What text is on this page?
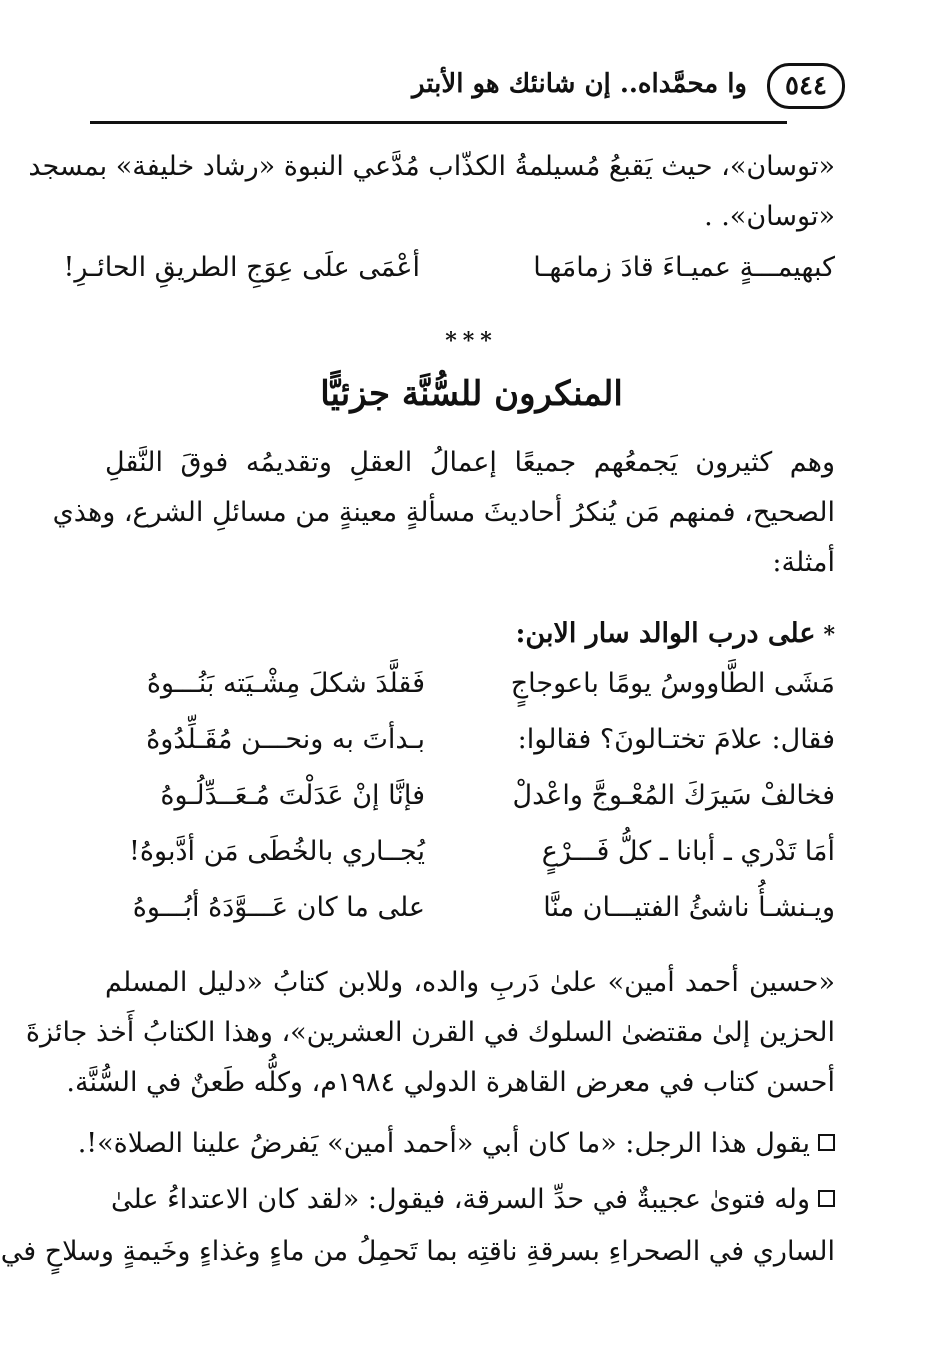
٥٤٤
وا محمَّداه.. إن شانئك هو الأبتر
«توسان»، حيث يَقبعُ مُسيلمةُ الكذّاب مُدَّعي النبوة «رشاد خليفة» بمسجد
«توسان». .
كبهيمـــةٍ عميـاءَ قادَ زمامَهـا
أعْمَى علَى عِوَجِ الطريقِ الحائـرِ!
***
المنكرون للسُّنَّة جزئيًّا
وهم كثيرون يَجمعُهم جميعًا إعمالُ العقلِ وتقديمُه فوقَ النَّقلِ
الصحيح، فمنهم مَن يُنكرُ أحاديثَ مسألةٍ معينةٍ من مسائلِ الشرع، وهذي
أمثلة:
*على درب الوالد سار الابن:
مَشَى الطَّاووسُ يومًا باعوجاجٍ
فَقلَّدَ شكلَ مِشْـيَته بَنُـــوهُ
فقال: علامَ تختـالونَ؟ فقالوا:
بـدأتَ به ونحـــن مُقَـلِّدُوهُ
فخالفْ سَيرَكَ المُعْـوجَّ واعْدلْ
فإنَّا إنْ عَدَلْتَ مُـعَــدِّلُـوهُ
أمَا تَدْري ـ أبانا ـ كلُّ فَـــرْعٍ
يُجــاري بالخُطَى مَن أدَّبوهُ!
ويـنشـأُ ناشئُ الفتيـــان منَّا
على ما كان عَـــوَّدَهُ أبُـــوهُ
«حسين أحمد أمين» علىٰ دَربِ والده، وللابن كتابُ «دليل المسلم
الحزين إلىٰ مقتضىٰ السلوك في القرن العشرين»، وهذا الكتابُ أَخذ جائزةَ
أحسن كتاب في معرض القاهرة الدولي ١٩٨٤م، وكلُّه طَعنٌ في السُّنَّة.
يقول هذا الرجل: «ما كان أبي «أحمد أمين» يَفرضُ علينا الصلاة»!.
وله فتوىٰ عجيبةٌ في حدِّ السرقة، فيقول: «لقد كان الاعتداءُ علىٰ
الساري في الصحراءِ بسرقةِ ناقتِه بما تَحمِلُ من ماءٍ وغذاءٍ وخَيمةٍ وسلاحٍ في
